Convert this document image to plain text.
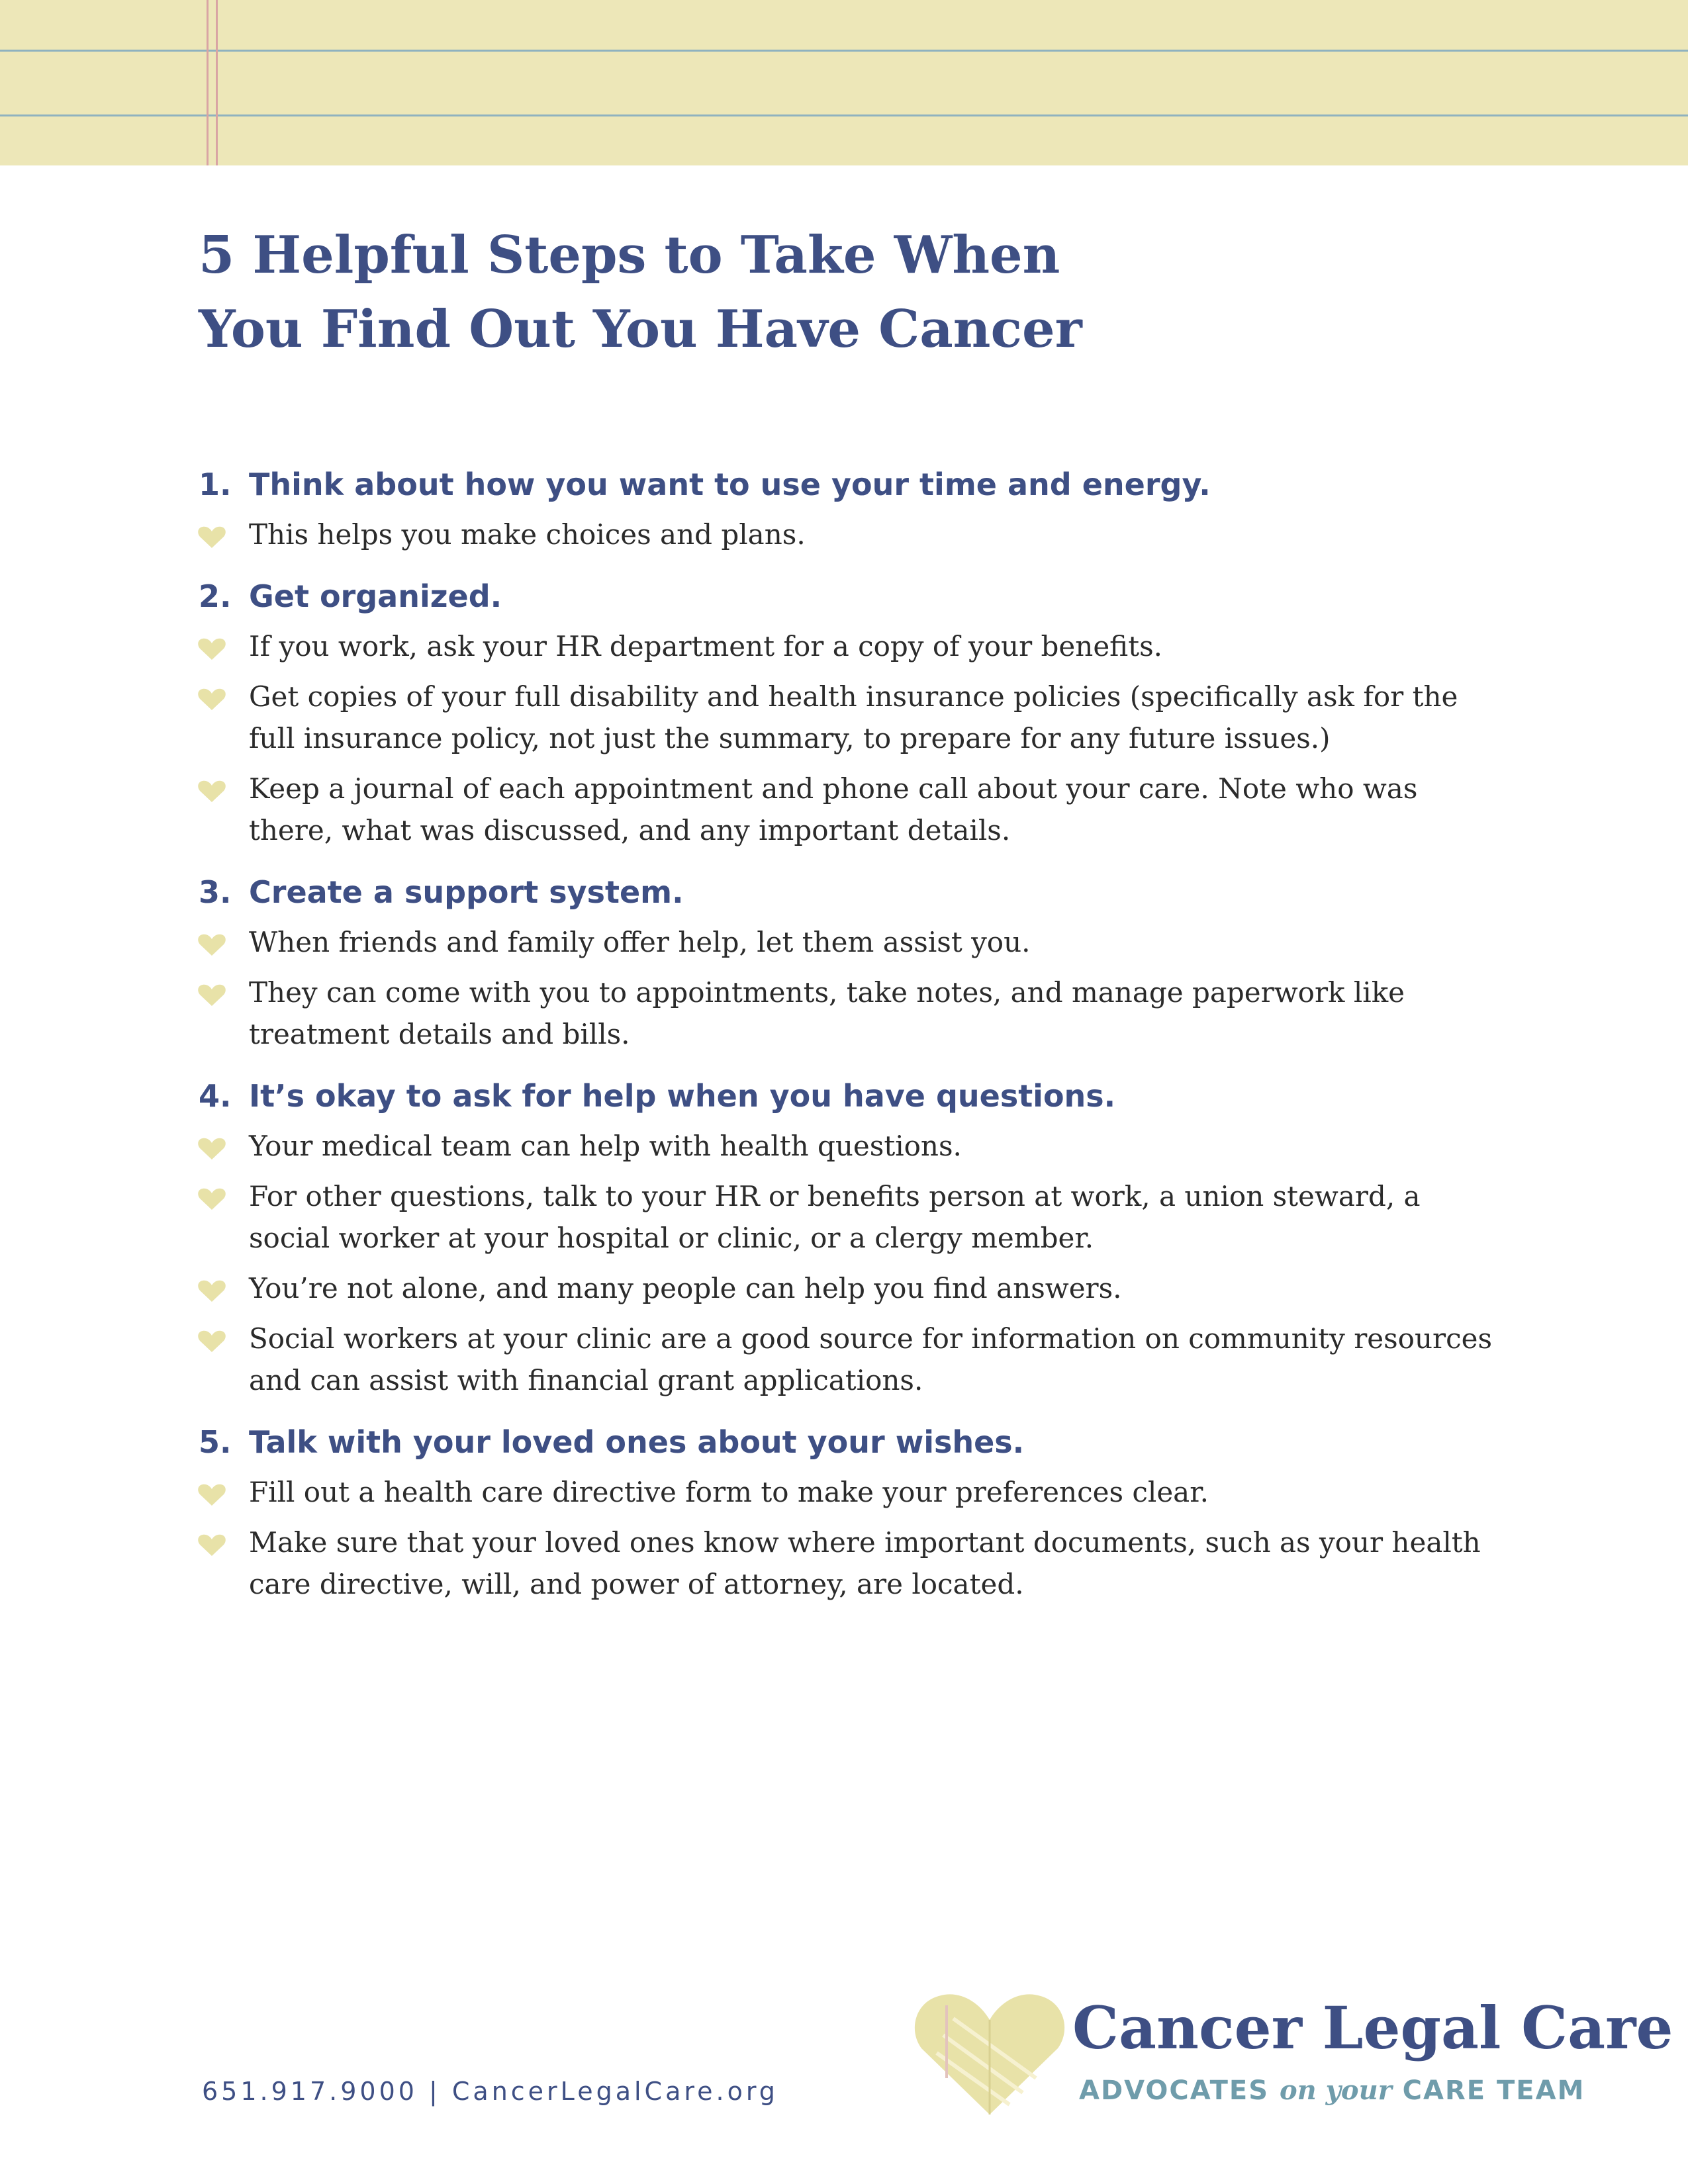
5 Helpful Steps to Take When
You Find Out You Have Cancer
1. Think about how you want to use your time and energy.
This helps you make choices and plans.
2. Get organized.
If you work, ask your HR department for a copy of your benefits.
Get copies of your full disability and health insurance policies (specifically ask for the full insurance policy, not just the summary, to prepare for any future issues.)
Keep a journal of each appointment and phone call about your care. Note who was there, what was discussed, and any important details.
3. Create a support system.
When friends and family offer help, let them assist you.
They can come with you to appointments, take notes, and manage paperwork like treatment details and bills.
4. It’s okay to ask for help when you have questions.
Your medical team can help with health questions.
For other questions, talk to your HR or benefits person at work, a union steward, a social worker at your hospital or clinic, or a clergy member.
You’re not alone, and many people can help you find answers.
Social workers at your clinic are a good source for information on community resources and can assist with financial grant applications.
5. Talk with your loved ones about your wishes.
Fill out a health care directive form to make your preferences clear.
Make sure that your loved ones know where important documents, such as your health care directive, will, and power of attorney, are located.
651.917.9000 | CancerLegalCare.org
Cancer Legal Care
ADVOCATES on your CARE TEAM
